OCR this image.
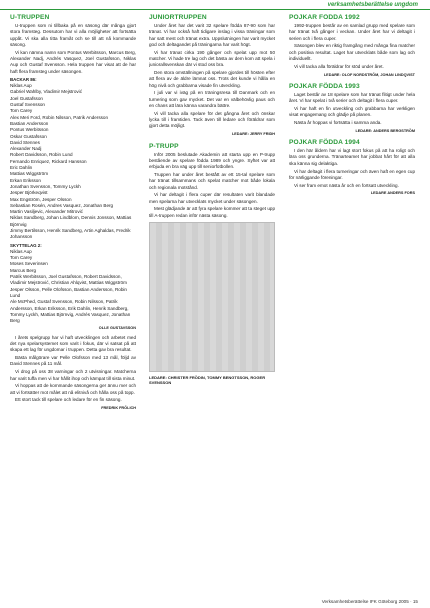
verksamhetsberättelse ungdom
U-TRUPPEN

U-truppen som ni tillbaka på en säsong där många gjort stora framsteg. Dessutom har vi alla möjligheter att fortsätta uppåt. Vi ska alla titta framåt och se till att nå kommande säsong.

Vi kan nämna namn som Pontus Werbitsson, Marcus Berg, Alexander Nadj, Andrés Vasquez, Joel Gustafsson, Niklas Aup och Gustaf Svensson. Hela truppen har visat att de har haft flera framsteg under säsongen.

BACKAR 86:
Niklas Aup
Gabriel Wahlby, Vladimir Mejstrović
Joel Gustafsson
Gustaf Svensson
Tom Carey
Alex Meri Ford, Robin Nilsson, Patrik Andersson
Bastian Andersson
Pontus Werbitsson
Oskar Gustafsson
David Stennes
Alexander Nadj
Robert Davidsson, Robin Lund
Fernando Enriquez, Rickard Hansson
Eric Dahlin
Mattias Wiggström
Erkan Eriksson
Jonathan Svensson, Tommy Lyckh
Jesper Björkeqvist
Max Engström, Jesper Olsson
Sebastian Rosén, Andres Vasquez, Jonathan Berg
Martin Vasiljevic, Alexander Mitrović
Niklas Sandberg, Johan Lindblom, Dennis Jonsson, Mattias Björnvig
Jimmy Bertilsson, Henrik Sandberg, Artin Aghaldas, Fredrik Johansson
SKYTTELAG 2:
Niklas Aup
Tom Carey
Moses Severinsen
Marcus Berg
Patrik Werbitsson, Joel Gustafsson, Robert Davidsson, Vladimir Mejstrović, Christian Ahlqvist, Mattias Wiggström
Jesper Olsson, Pelle Olofsson, Bastian Andersson, Robin Lund
Ale McPhed, Gustaf Svensson, Robin Nilsson, Patrik Andersson, Erkan Eriksson, Erik Dahlin, Henrik Sandberg, Tommy Lyckh, Mattias Björnvig, Andrés Vasquez, Jonathan Berg
OLLE GUSTAVSSON

I årets spelgrupp har vi haft utvecklingen och arbetet med det nya spelarsystemet som varit i fokus, där vi satsat på att skapa ett lag för ungdomar i truppen. Detta gav bra resultat.

Bästa målgörare var Pelle Olofsson med 13 mål, följd av David Stennes på 11 mål.

Vi drog på oss 38 varningar och 2 utvisningar. Matcherna har varit tuffa men vi har hållit ihop och kämpat till sista minut.

Vi hoppas att de kommande säsongerna ger ännu mer och att vi fortsätter mot målet att nå elitnivå och hålla oss på topp.

Ett stort tack till spelare och ledare för en fin säsong.

FREDRIK FRÖLICH
JUNIORTRUPPEN

Under året har det varit 32 spelare födda 87-90 som har tränat. Vi har också haft tidigare inslag i vissa träningar som har satt mest och tränat extra. Uppslutningen har varit mycket god och deltagandet på träningarna har varit högt.

Vi har tränat cirka 190 gånger och spelat upp mot 50 matcher. Vi hade tre lag och det bästa av dem kom att spela i juniorallsvenskan där vi stod oss bra.

Den stora omställningen på spelare gjordes till hösten efter att flera av de äldre lämnat oss. Trots det kunde vi hålla en hög nivå och grabbarna visade fin utveckling.

I juli var vi iväg på en träningsresa till Danmark och en turnering som gav mycket. Det var en välbehövlig paus och en chans att lära känna varandra bättre.

Vi vill tacka alla spelare för det gångna året och önskar lycka till i framtiden. Tack även till ledare och föräldrar som gjort detta möjligt.

LEDARE: JERRY FRIDH
P-TRUPP

Inför 2005 beslutade Akademin att starta upp en P-trupp bestående av spelare födda 1989 och yngre. Syftet var att erbjuda en bra väg upp till seniorfotbollen.

Truppen har under året bestått av ett 15-tal spelare som har tränat tillsammans och spelat matcher mot både lokala och regionala motstånd.

Vi har deltagit i flera cuper där resultaten varit blandade men spelarna har utvecklats mycket under säsongen.

Mest glädjande är att fyra spelare kommer att ta steget upp till A-truppen redan inför nästa säsong.

LEDARE: CHRISTER FRÖDIN, TOMMY BENGTSSON, ROGER SVENSSON
POJKAR FÖDDA 1992

1992-truppen består av en samlad grupp med spelare som har tränat två gånger i veckan. Under året har vi deltagit i serien och i flera cuper.

Säsongen blev en riktig framgång med många fina matcher och positiva resultat. Laget har utvecklats både som lag och individuellt.

Vi vill tacka alla föräldrar för stöd under året.

LEDARE: OLOF NORDSTRÖM, JOHAN LINDQVIST
POJKAR FÖDDA 1993

Laget består av 18 spelare som har tränat flitigt under hela året. Vi har spelat i två serier och deltagit i flera cuper.

Vi har haft en fin utveckling och grabbarna har verkligen visat engagemang och glädje på planen.

Nästa år hoppas vi fortsätta i samma anda.

LEDARE: ANDERS BERGSTRÖM
POJKAR FÖDDA 1994

I den här åldern har vi lagt stort fokus på att ha roligt och lära oss grunderna. Tränarteamet har jobbat hårt för att alla ska känna sig delaktiga.

Vi har deltagit i flera turneringar och även haft en egen cup för närliggande föreningar.

Vi ser fram emot nästa år och en fortsatt utveckling.

LEDARE ANDERS FORS
Verksamhetsberättelse IFK Göteborg 2005 · 15
